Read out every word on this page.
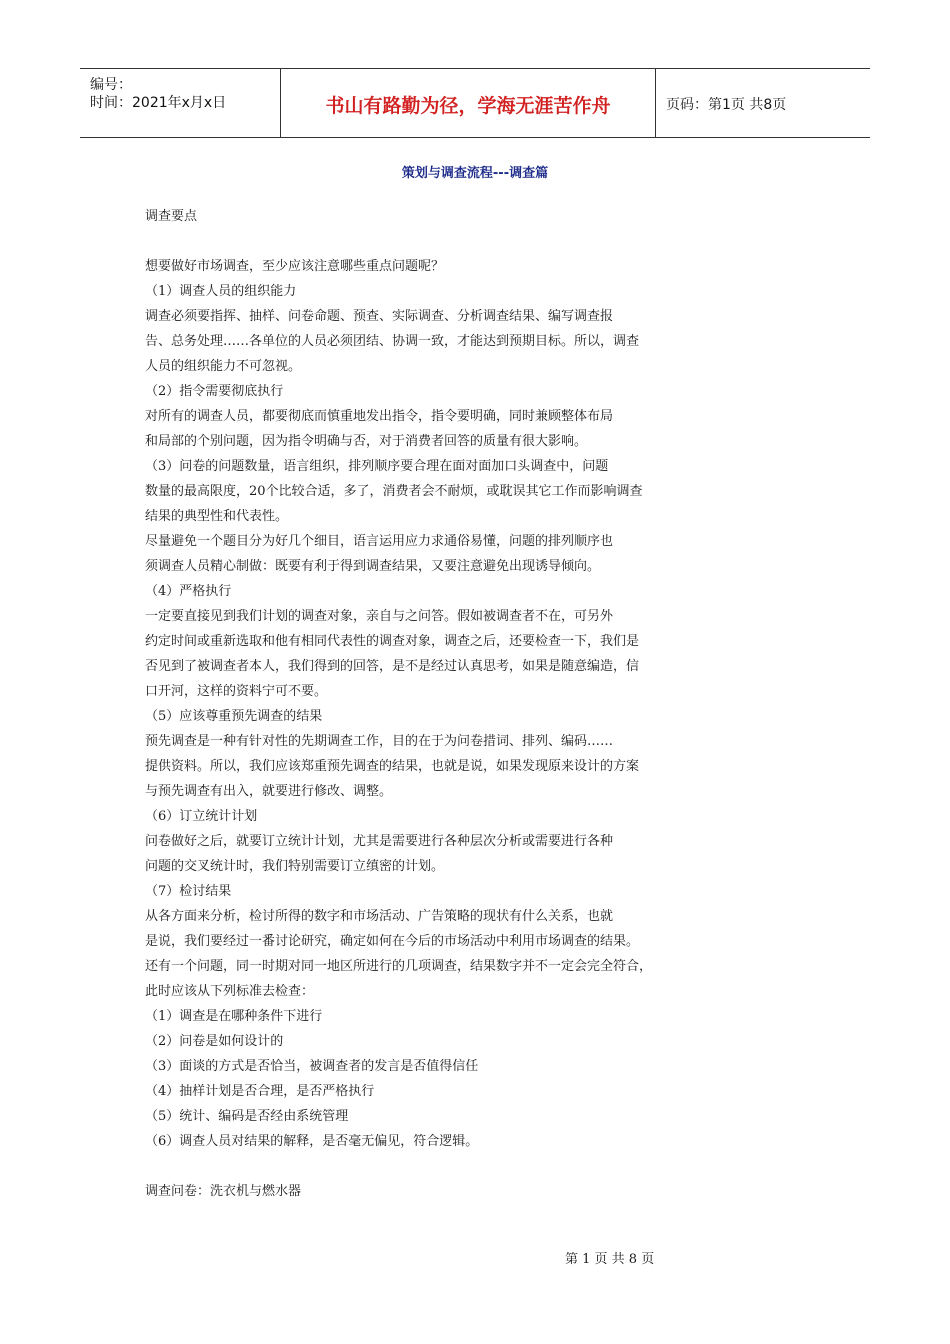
编号：
时间：2021年x月x日	书山有路勤为径，学海无涯苦作舟	页码：第1页 共8页
策划与调查流程---调查篇
调查要点
想要做好市场调查，至少应该注意哪些重点问题呢？
（1）调查人员的组织能力
调查必须要指挥、抽样、问卷命题、预查、实际调查、分析调查结果、编写调查报
告、总务处理……各单位的人员必须团结、协调一致，才能达到预期目标。所以，调查
人员的组织能力不可忽视。
（2）指令需要彻底执行
对所有的调查人员，都要彻底而慎重地发出指令，指令要明确，同时兼顾整体布局
和局部的个别问题，因为指令明确与否，对于消费者回答的质量有很大影响。
（3）问卷的问题数量，语言组织，排列顺序要合理在面对面加口头调查中，问题
数量的最高限度，20个比较合适，多了，消费者会不耐烦，或耽误其它工作而影响调查
结果的典型性和代表性。
尽量避免一个题目分为好几个细目，语言运用应力求通俗易懂，问题的排列顺序也
须调查人员精心制做：既要有利于得到调查结果，又要注意避免出现诱导倾向。
（4）严格执行
一定要直接见到我们计划的调查对象，亲自与之问答。假如被调查者不在，可另外
约定时间或重新选取和他有相同代表性的调查对象，调查之后，还要检查一下，我们是
否见到了被调查者本人，我们得到的回答，是不是经过认真思考，如果是随意编造，信
口开河，这样的资料宁可不要。
（5）应该尊重预先调查的结果
预先调查是一种有针对性的先期调查工作，目的在于为问卷措词、排列、编码……
提供资料。所以，我们应该郑重预先调查的结果，也就是说，如果发现原来设计的方案
与预先调查有出入，就要进行修改、调整。
（6）订立统计计划
问卷做好之后，就要订立统计计划，尤其是需要进行各种层次分析或需要进行各种
问题的交叉统计时，我们特别需要订立缜密的计划。
（7）检讨结果
从各方面来分析，检讨所得的数字和市场活动、广告策略的现状有什么关系，也就
是说，我们要经过一番讨论研究，确定如何在今后的市场活动中利用市场调查的结果。
还有一个问题，同一时期对同一地区所进行的几项调查，结果数字并不一定会完全符合，
此时应该从下列标准去检查：
（1）调查是在哪种条件下进行
（2）问卷是如何设计的
（3）面谈的方式是否恰当，被调查者的发言是否值得信任
（4）抽样计划是否合理，是否严格执行
（5）统计、编码是否经由系统管理
（6）调查人员对结果的解释，是否毫无偏见，符合逻辑。
调查问卷：洗衣机与燃水器
第 1 页 共 8 页
